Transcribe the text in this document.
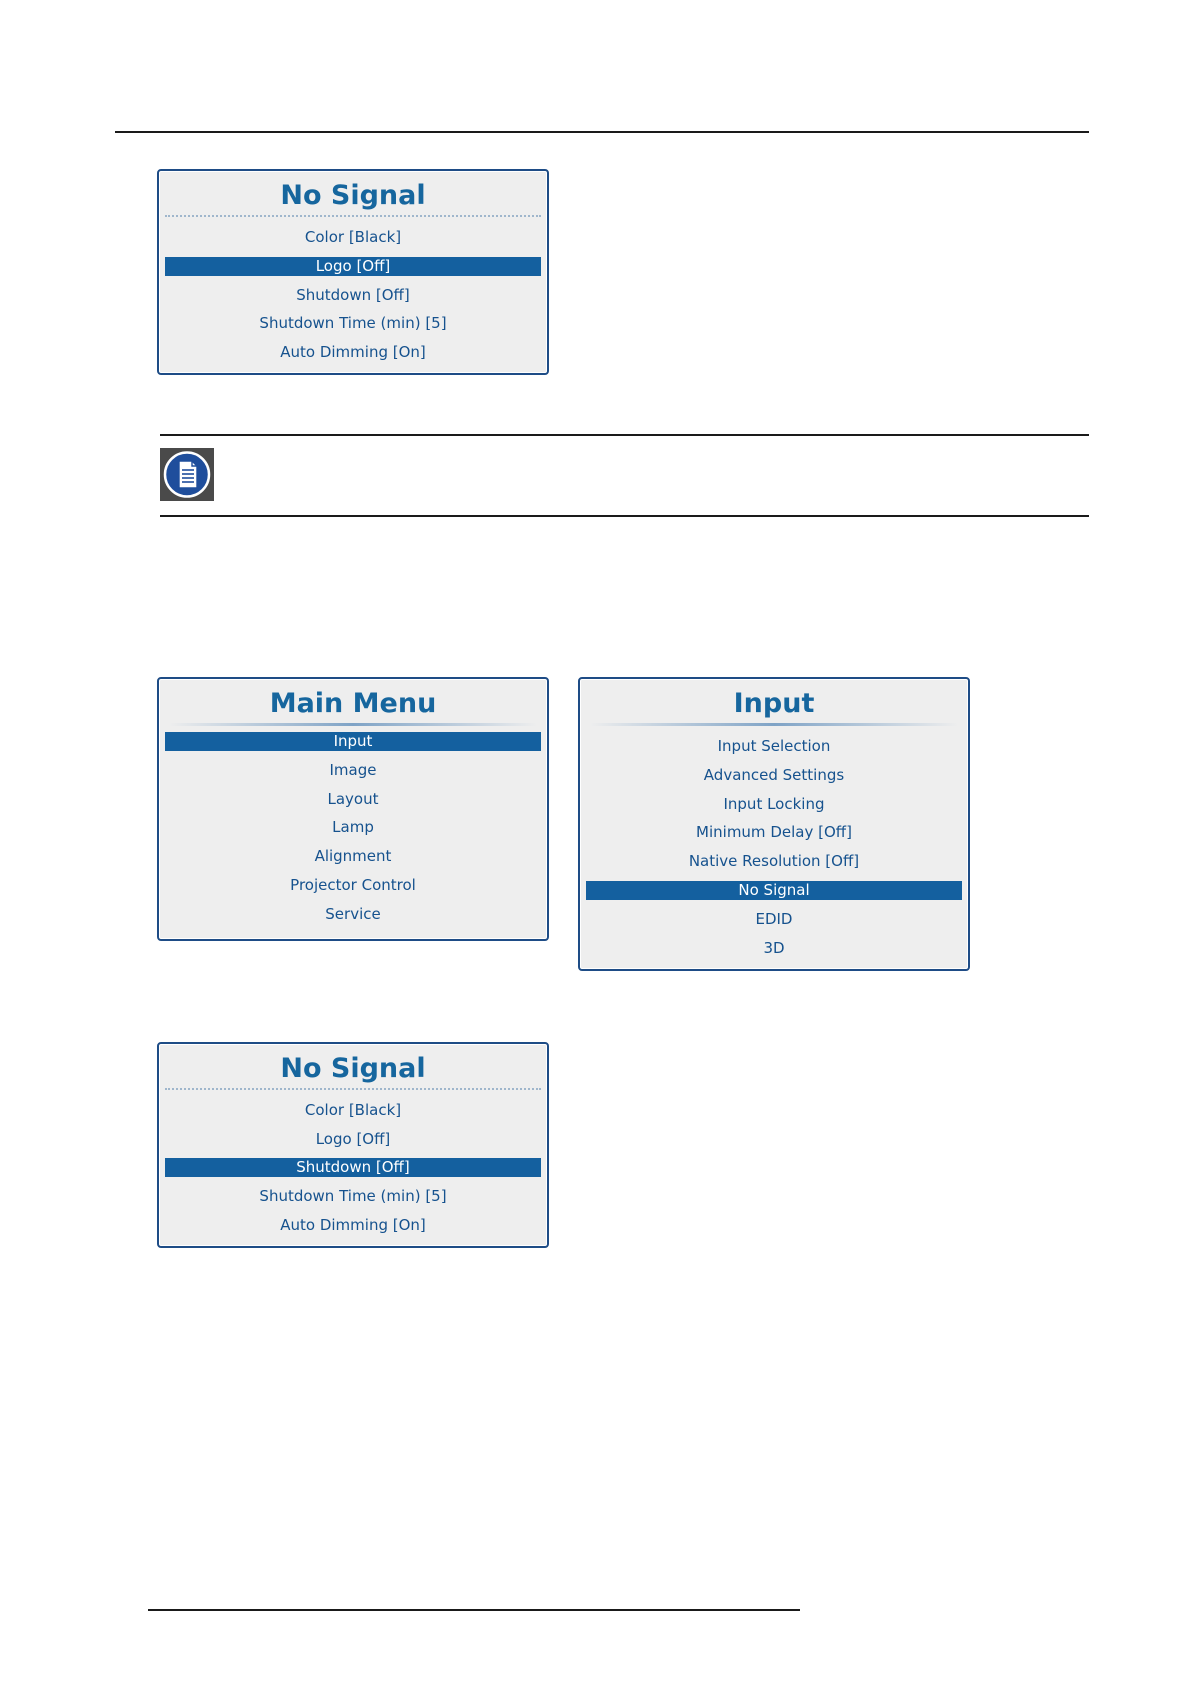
No Signal
Color [Black]
Logo [Off]
Shutdown [Off]
Shutdown Time (min) [5]
Auto Dimming [On]
Main Menu
Input
Image
Layout
Lamp
Alignment
Projector Control
Service
Input
Input Selection
Advanced Settings
Input Locking
Minimum Delay [Off]
Native Resolution [Off]
No Signal
EDID
3D
No Signal
Color [Black]
Logo [Off]
Shutdown [Off]
Shutdown Time (min) [5]
Auto Dimming [On]
